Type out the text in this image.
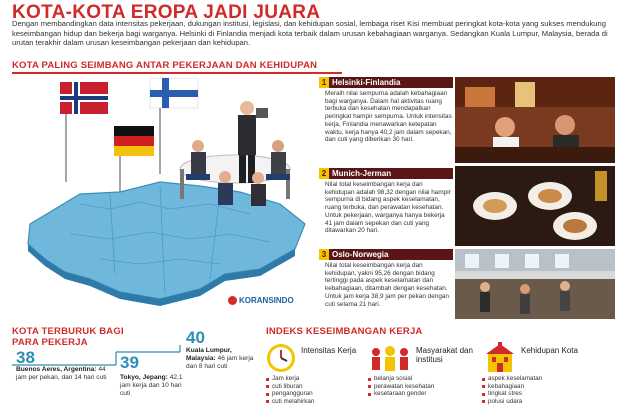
KOTA-KOTA EROPA JADI JUARA
Dengan membandingkan data intensitas pekerjaan, dukungan institusi, legislasi, dan kehidupan sosial, lembaga riset Kisi membuat peringkat kota-kota yang sukses mendukung keseimbangan hidup dan bekerja bagi warganya. Helsinki di Finlandia menjadi kota terbaik dalam urusan kebahagiaan warganya. Sedangkan Kuala Lumpur, Malaysia, berada di urutan terakhir dalam urusan keseimbangan pekerjaan dan kehidupan.
KOTA PALING SEIMBANG ANTAR PEKERJAAN DAN KEHIDUPAN
KORANSINDO
1 Helsinki-Finlandia
Meraih nilai sempurna adalah kebahagiaan bagi warganya. Dalam hal aktivitas ruang terbuka dan kesehatan mendapatkan peringkat hampir sempurna. Untuk intensitas kerja, Finlandia menawarkan ketepatan waktu, kerja hanya 40,2 jam dalam sepekan, dan cuti yang diberikan 30 hari.
2 Munich-Jerman
Nilai total keseimbangan kerja dan kehidupan adalah 98,32 dengan nilai hampir sempurna di bidang aspek keselamatan, ruang terbuka, dan perawatan kesehatan. Untuk pekerjaan, warganya hanya bekerja 41 jam dalam sepekan dan cuti yang ditawarkan 20 hari.
3 Oslo-Norwegia
Nilai total keseimbangan kerja dan kehidupan, yakni 95,26 dengan bidang tertinggi pada aspek keselamatan dan kebahagiaan, ditambah dengan kesehatan. Untuk jam kerja 38,9 jam per pekan dengan cuti selama 21 hari.
KOTA TERBURUK BAGI PARA PEKERJA
38
Buenos Aeres, Argentina: 44 jam per pekan, dan 14 hari cuti
39
Tokyo, Jepang: 42,1 jam kerja dan 10 hari cuti
40
Kuala Lumpur, Malaysia: 46 jam kerja dan 8 hari cuti
INDEKS KESEIMBANGAN KERJA
Intensitas Kerja
Jam kerja
cuti liburan
pengangguran
cuti melahirkan
Masyarakat dan institusi
belanja sosial
perawatan kesehatan
kesetaraan gender
Kehidupan Kota
aspek keselamatan
kebahagiaan
tingkat stres
polusi udara
